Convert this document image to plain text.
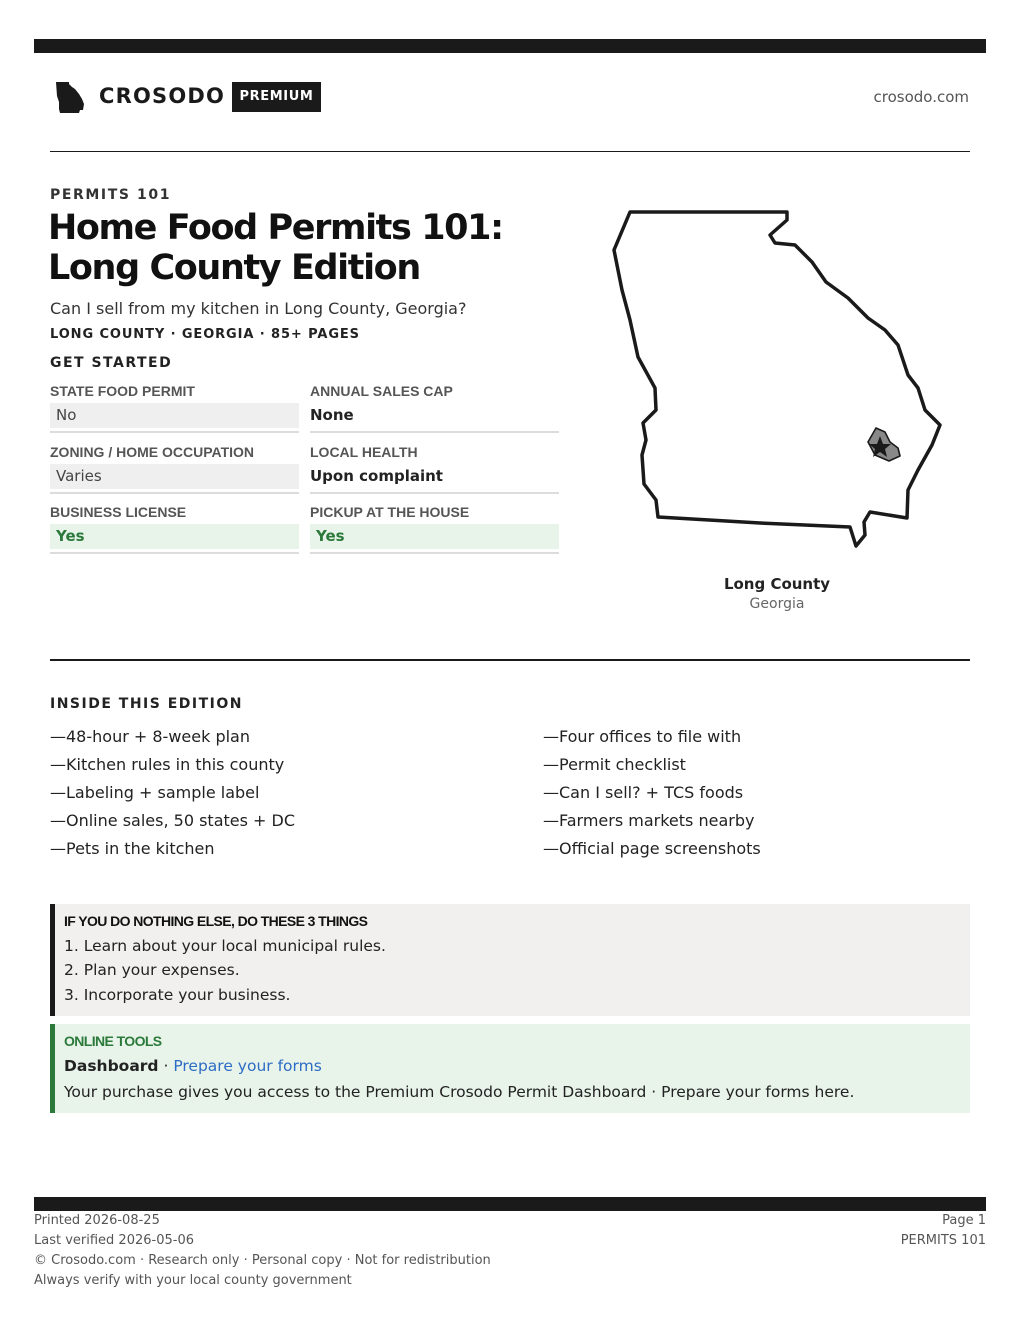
CROSODO	PREMIUM	crosodo.com
PERMITS 101
Home Food Permits 101: Long County Edition
Can I sell from my kitchen in Long County, Georgia?
LONG COUNTY · GEORGIA · 85+ PAGES
GET STARTED
STATE FOOD PERMIT
No
ANNUAL SALES CAP
None
ZONING / HOME OCCUPATION
Varies
LOCAL HEALTH
Upon complaint
BUSINESS LICENSE
Yes
PICKUP AT THE HOUSE
Yes
Long County
Georgia
INSIDE THIS EDITION
—48-hour + 8-week plan
—Kitchen rules in this county
—Labeling + sample label
—Online sales, 50 states + DC
—Pets in the kitchen
—Four offices to file with
—Permit checklist
—Can I sell? + TCS foods
—Farmers markets nearby
—Official page screenshots
IF YOU DO NOTHING ELSE, DO THESE 3 THINGS
1. Learn about your local municipal rules.
2. Plan your expenses.
3. Incorporate your business.
ONLINE TOOLS
Dashboard · Prepare your forms
Your purchase gives you access to the Premium Crosodo Permit Dashboard · Prepare your forms here.
Printed 2026-08-25
Last verified 2026-05-06
© Crosodo.com · Research only · Personal copy · Not for redistribution
Always verify with your local county government
Page 1
PERMITS 101
